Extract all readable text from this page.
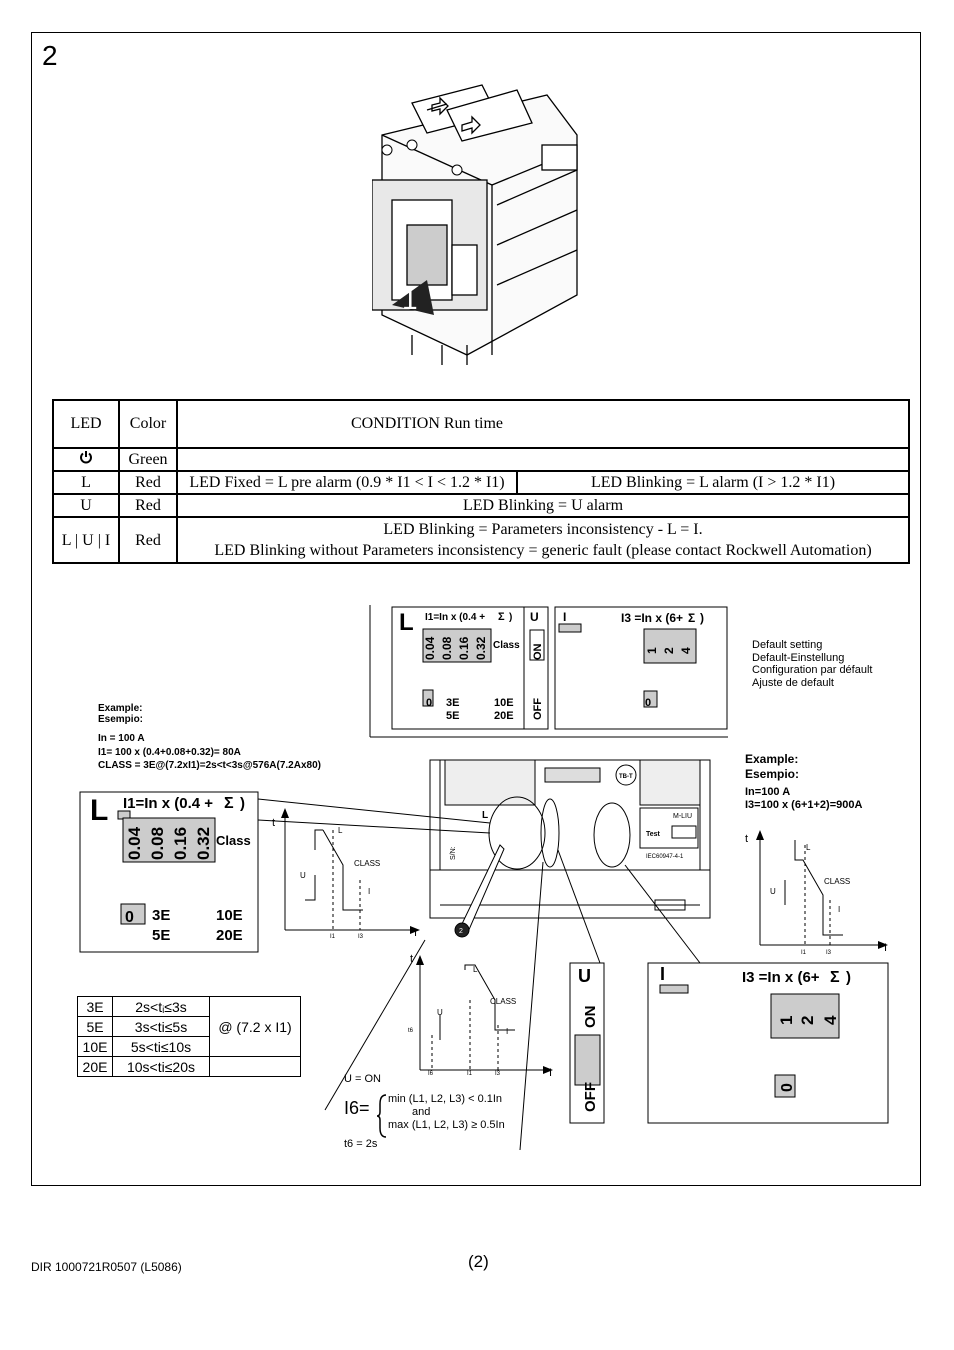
2
1
LED	Color	CONDITION Run time	
	Green		
L	Red	LED Fixed = L pre alarm (0.9 * I1 < I < 1.2 * I1)	LED Blinking = L alarm (I > 1.2 * I1)
U	Red	LED Blinking = U alarm	
L | U | I	Red	LED Blinking = Parameters inconsistency - L = I.
LED Blinking without Parameters inconsistency = generic fault (please contact Rockwell Automation)	
L I1=In x (0.4 + Σ ) U I	I3 =In x (6+ Σ )
Class
0	0
3E	10E
5E	20E
ON
OFF
0.04 0.08 0.16 0.32	1 2 4
L I1=In x (0.4 + Σ )
0.04 0.08 0.16 0.32 Class
0 3E	10E
5E	20E
U
ON
OFF
I	I3 =In x (6+ Σ )
1 2 4
0
t
I
L
U
CLASS
I
I1	I3
t
I
L
U
CLASS
I
I1	I3
t
I
L
U
CLASS
I
t6
I6	I1	I3
L
S/N:
Test
M-LIU
IEC60947-4-1
TB-T
2
Default setting
Default-Einstellung
Configuration par défault
Ajuste de default
Example:
Esempio:
In = 100 A
I1= 100 x (0.4+0.08+0.32)= 80A
CLASS = 3E@(7.2xI1)=2s<t<3s@576A(7.2Ax80)	Example:
Esempio:
In=100 A
I3=100 x (6+1+2)=900A
3E	2s<tᵢ≤3s	@ (7.2 x I1)
5E	3s<ti≤5s	
10E	5s<ti≤10s	
20E	10s<ti≤20s	
U = ON
I6= min (L1, L2, L3) < 0.1In
and
max (L1, L2, L3) ≥ 0.5In
t6 = 2s
DIR 1000721R0507 (L5086)	(2)
